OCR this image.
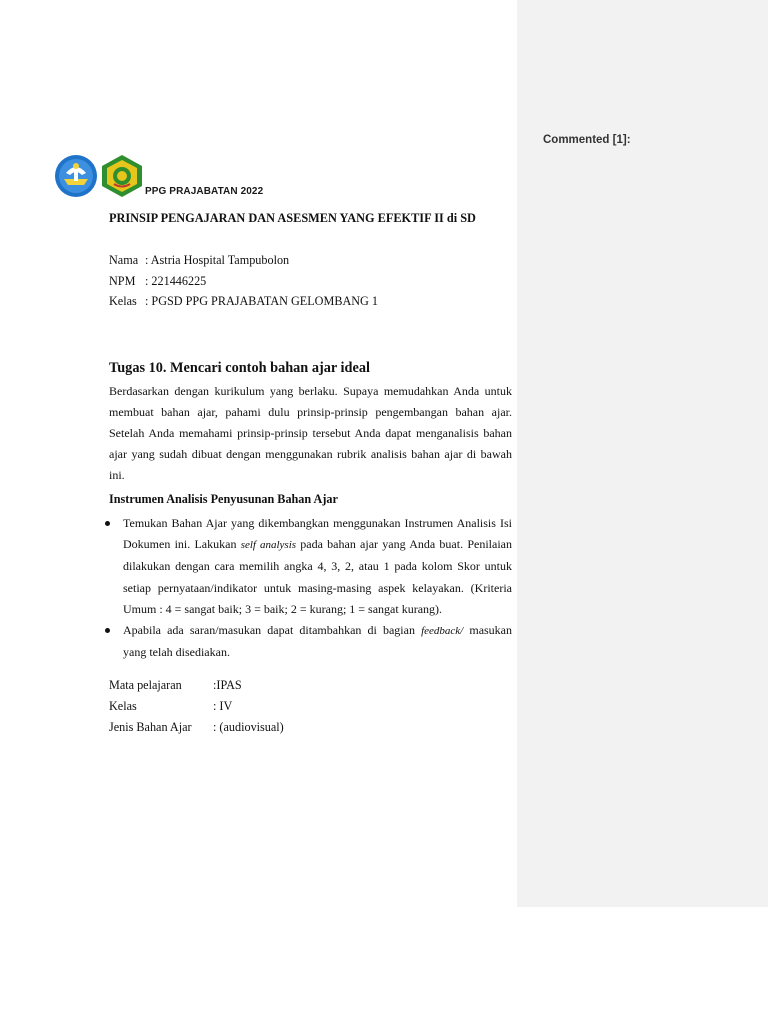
Commented [1]:
PPG PRAJABATAN 2022
PRINSIP PENGAJARAN DAN ASESMEN YANG EFEKTIF II di SD
Nama	: Astria Hospital Tampubolon
NPM	: 221446225
Kelas	: PGSD PPG PRAJABATAN GELOMBANG 1
Tugas 10. Mencari contoh bahan ajar ideal

Berdasarkan dengan kurikulum yang berlaku. Supaya memudahkan Anda untuk membuat bahan ajar, pahami dulu prinsip-prinsip pengembangan bahan ajar. Setelah Anda memahami prinsip-prinsip tersebut Anda dapat menganalisis bahan ajar yang sudah dibuat dengan menggunakan rubrik analisis bahan ajar di bawah ini.

Instrumen Analisis Penyusunan Bahan Ajar
Temukan Bahan Ajar yang dikembangkan menggunakan Instrumen Analisis Isi Dokumen ini. Lakukan self analysis pada bahan ajar yang Anda buat. Penilaian dilakukan dengan cara memilih angka 4, 3, 2, atau 1 pada kolom Skor untuk setiap pernyataan/indikator untuk masing-masing aspek kelayakan. (Kriteria Umum : 4 = sangat baik; 3 = baik; 2 = kurang; 1 = sangat kurang).
Apabila ada saran/masukan dapat ditambahkan di bagian feedback/ masukan yang telah disediakan.
Mata pelajaran	:IPAS
Kelas	: IV
Jenis Bahan Ajar	: (audiovisual)
